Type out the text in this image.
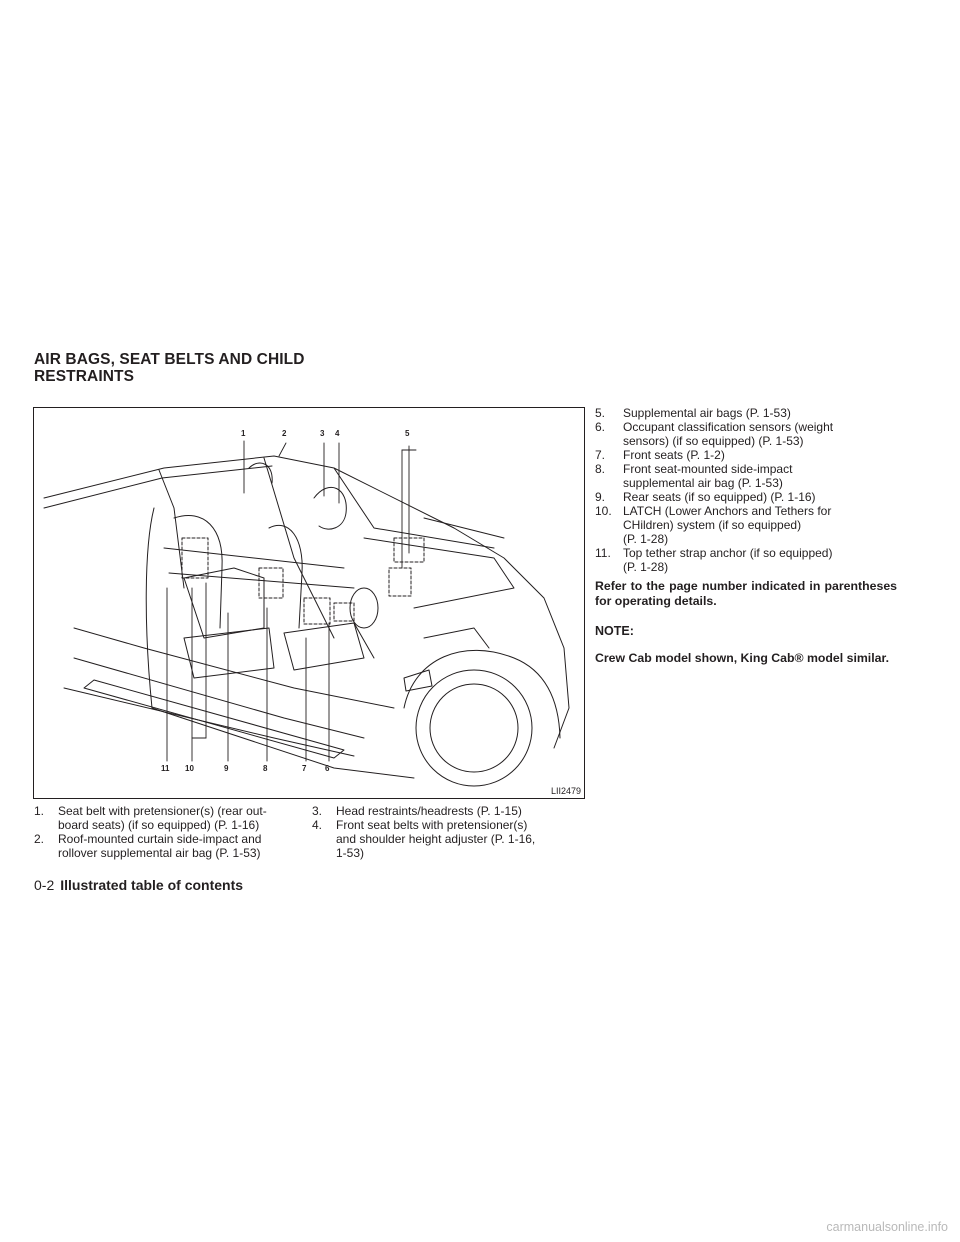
AIR BAGS, SEAT BELTS AND CHILD
RESTRAINTS
1	2	3 4	5
11 10	9	8	7 6
LII2479
1. Seat belt with pretensioner(s) (rear out-
board seats) (if so equipped) (P. 1-16)
2. Roof-mounted curtain side-impact and
rollover supplemental air bag (P. 1-53)
3. Head restraints/headrests (P. 1-15)
4. Front seat belts with pretensioner(s)
and shoulder height adjuster (P. 1-16,
1-53)
5. Supplemental air bags (P. 1-53)
6. Occupant classification sensors (weight
sensors) (if so equipped) (P. 1-53)
7. Front seats (P. 1-2)
8. Front seat-mounted side-impact
supplemental air bag (P. 1-53)
9. Rear seats (if so equipped) (P. 1-16)
10. LATCH (Lower Anchors and Tethers for
CHildren) system (if so equipped)
(P. 1-28)
11. Top tether strap anchor (if so equipped)
(P. 1-28)

Refer to the page number indicated in parentheses for operating details.

NOTE:

Crew Cab model shown, King Cab® model similar.

0-2 Illustrated table of contents
carmanualsonline.info
